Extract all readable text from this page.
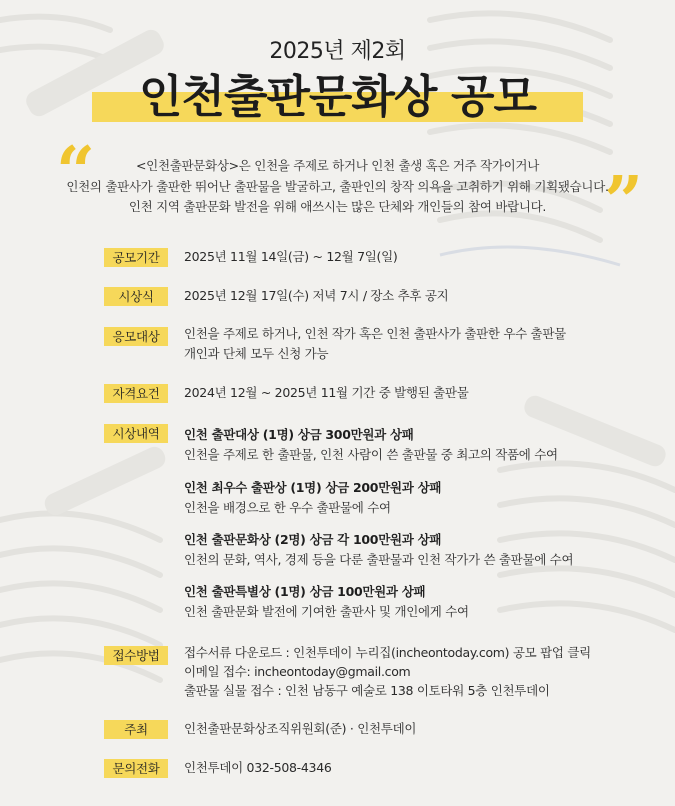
2025년 제2회
인천출판문화상 공모
“	”
<인천출판문화상>은 인천을 주제로 하거나 인천 출생 혹은 거주 작가이거나
인천의 출판사가 출판한 뛰어난 출판물을 발굴하고, 출판인의 창작 의욕을 고취하기 위해 기획됐습니다.
인천 지역 출판문화 발전을 위해 애쓰시는 많은 단체와 개인들의 참여 바랍니다.
공모기간	2025년 11월 14일(금) ~ 12월 7일(일)
시상식	2025년 12월 17일(수) 저녁 7시 / 장소 추후 공지
응모대상	인천을 주제로 하거나, 인천 작가 혹은 인천 출판사가 출판한 우수 출판물
개인과 단체 모두 신청 가능
자격요건	2024년 12월 ~ 2025년 11월 기간 중 발행된 출판물
시상내역	인천 출판대상 (1명) 상금 300만원과 상패
인천을 주제로 한 출판물, 인천 사람이 쓴 출판물 중 최고의 작품에 수여
인천 최우수 출판상 (1명) 상금 200만원과 상패
인천을 배경으로 한 우수 출판물에 수여
인천 출판문화상 (2명) 상금 각 100만원과 상패
인천의 문화, 역사, 경제 등을 다룬 출판물과 인천 작가가 쓴 출판물에 수여
인천 출판특별상 (1명) 상금 100만원과 상패
인천 출판문화 발전에 기여한 출판사 및 개인에게 수여
접수방법	접수서류 다운로드 : 인천투데이 누리집(incheontoday.com) 공모 팝업 클릭
이메일 접수: incheontoday@gmail.com
출판물 실물 접수 : 인천 남동구 예술로 138 이토타워 5층 인천투데이
주최	인천출판문화상조직위원회(준) · 인천투데이
문의전화	인천투데이 032-508-4346
